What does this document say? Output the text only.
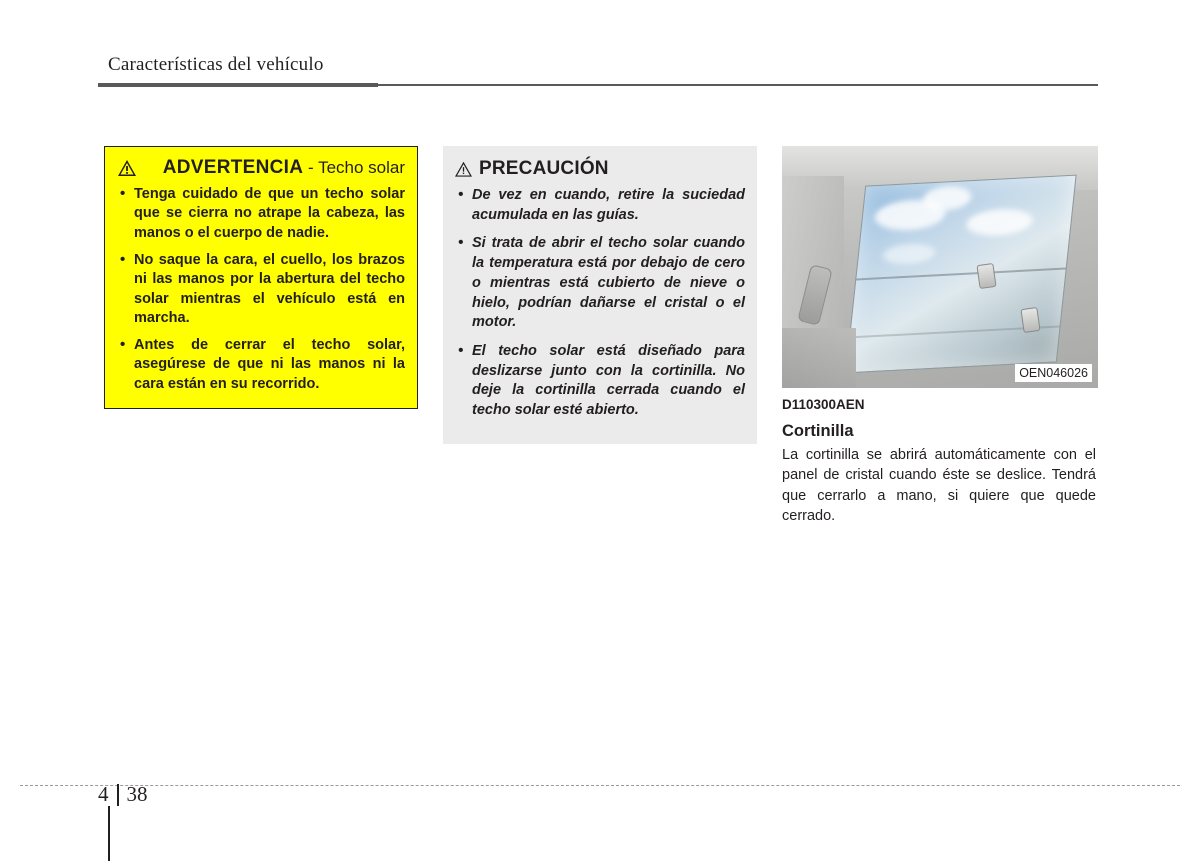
Características del vehículo
ADVERTENCIA - Techo solar
• Tenga cuidado de que un techo solar que se cierra no atrape la cabeza, las manos o el cuerpo de nadie.
• No saque la cara, el cuello, los brazos ni las manos por la abertura del techo solar mientras el vehículo está en marcha.
• Antes de cerrar el techo solar, asegúrese de que ni las manos ni la cara están en su recorrido.
PRECAUCIÓN
• De vez en cuando, retire la suciedad acumulada en las guías.
• Si trata de abrir el techo solar cuando la temperatura está por debajo de cero o mientras está cubierto de nieve o hielo, podrían dañarse el cristal o el motor.
• El techo solar está diseñado para deslizarse junto con la cortinilla. No deje la cortinilla cerrada cuando el techo solar esté abierto.
OEN046026
D110300AEN
Cortinilla
La cortinilla se abrirá automáticamente con el panel de cristal cuando éste se deslice. Tendrá que cerrarlo a mano, si quiere que quede cerrado.
4 38
